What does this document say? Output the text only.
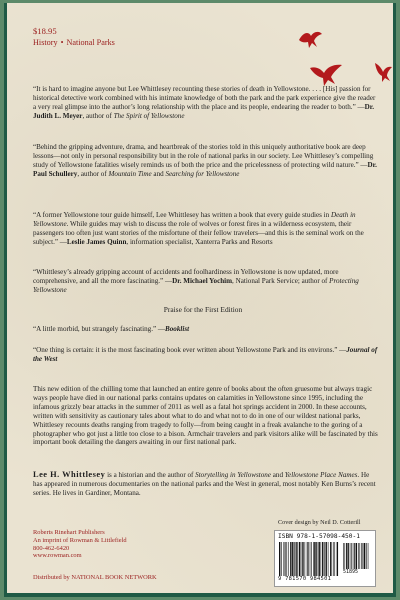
$18.95
History • National Parks
“It is hard to imagine anyone but Lee Whittlesey recounting these stories of death in Yellowstone. . . . [His] passion for historical detective work combined with his intimate knowledge of both the park and the park experience give the reader a very real glimpse into the author’s long relationship with the place and its people, endearing the reader to both.” —Dr. Judith L. Meyer, author of The Spirit of Yellowstone
“Behind the gripping adventure, drama, and heartbreak of the stories told in this uniquely authoritative book are deep lessons—not only in personal responsibility but in the role of national parks in our society. Lee Whittlesey’s compelling study of Yellowstone fatalities wisely reminds us of both the price and the pricelessness of protecting wild nature.” —Dr. Paul Schullery, author of Mountain Time and Searching for Yellowstone
“A former Yellowstone tour guide himself, Lee Whittlesey has written a book that every guide studies in Death in Yellowstone. While guides may wish to discuss the role of wolves or forest fires in a wilderness ecosystem, their passengers too often just want stories of the misfortune of their fellow travelers—and this is the seminal work on the subject.” —Leslie James Quinn, information specialist, Xanterra Parks and Resorts
“Whittlesey’s already gripping account of accidents and foolhardiness in Yellowstone is now updated, more comprehensive, and all the more fascinating.” —Dr. Michael Yochim, National Park Service; author of Protecting Yellowstone
Praise for the First Edition
“A little morbid, but strangely fascinating.” —Booklist
“One thing is certain: it is the most fascinating book ever written about Yellowstone Park and its environs.” —Journal of the West
This new edition of the chilling tome that launched an entire genre of books about the often gruesome but always tragic ways people have died in our national parks contains updates on calamities in Yellowstone since 1995, including the infamous grizzly bear attacks in the summer of 2011 as well as a fatal hot springs accident in 2000. In these accounts, written with sensitivity as cautionary tales about what to do and what not to do in one of our wildest national parks, Whittlesey recounts deaths ranging from tragedy to folly—from being caught in a freak avalanche to the goring of a photographer who got just a little too close to a bison. Armchair travelers and park visitors alike will be fascinated by this important book detailing the dangers awaiting in our first national park.
Lee H. Whittlesey is a historian and the author of Storytelling in Yellowstone and Yellowstone Place Names. He has appeared in numerous documentaries on the national parks and the West in general, most notably Ken Burns’s recent series. He lives in Gardiner, Montana.
Roberts Rinehart Publishers
An imprint of Rowman & Littlefield
800-462-6420
www.rowman.com
Distributed by NATIONAL BOOK NETWORK
Cover design by Neil D. Cotterill
ISBN 978-1-57098-450-1
51895
9 781570 984501
